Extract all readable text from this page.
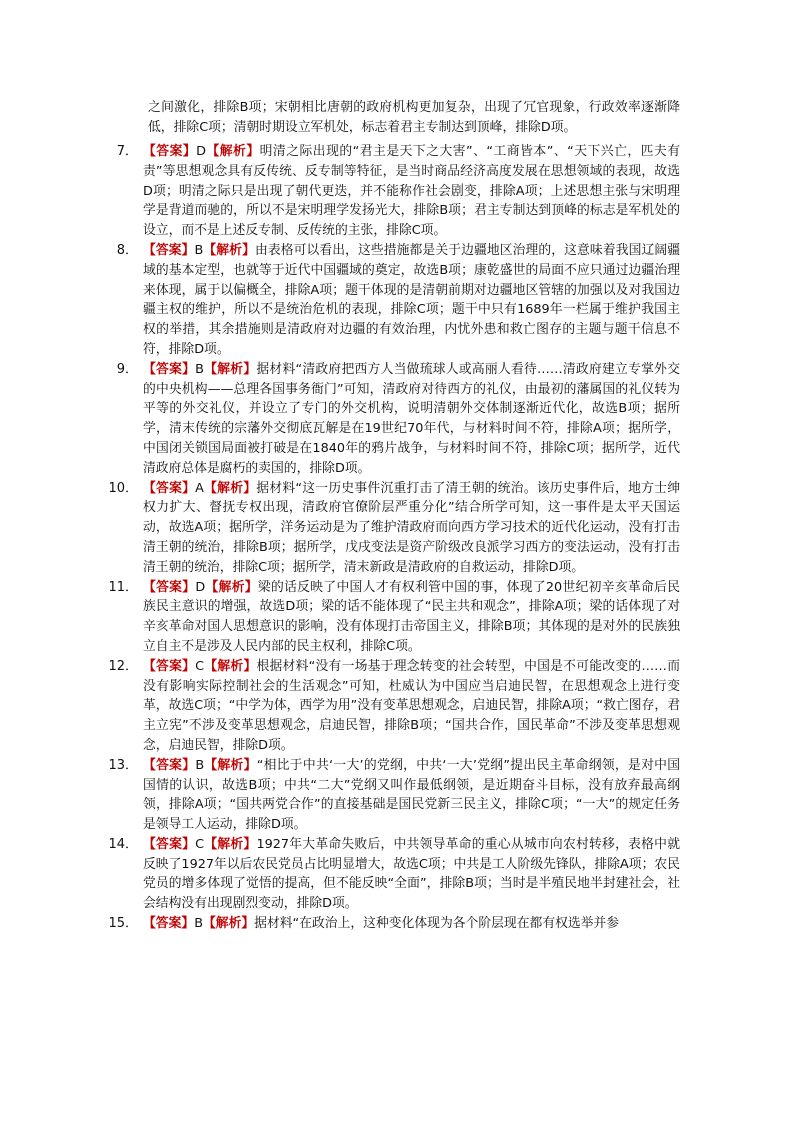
之间激化，排除B项；宋朝相比唐朝的政府机构更加复杂，出现了冗官现象，行政效率逐渐降低，排除C项；清朝时期设立军机处，标志着君主专制达到顶峰，排除D项。

7． 【答案】D【解析】明清之际出现的“君主是天下之大害”、“工商皆本”、“天下兴亡，匹夫有责”等思想观念具有反传统、反专制等特征，是当时商品经济高度发展在思想领域的表现，故选D项；明清之际只是出现了朝代更迭，并不能称作社会剧变，排除A项；上述思想主张与宋明理学是背道而驰的，所以不是宋明理学发扬光大，排除B项；君主专制达到顶峰的标志是军机处的设立，而不是上述反专制、反传统的主张，排除C项。
8． 【答案】B【解析】由表格可以看出，这些措施都是关于边疆地区治理的，这意味着我国辽阔疆域的基本定型，也就等于近代中国疆域的奠定，故选B项；康乾盛世的局面不应只通过边疆治理来体现，属于以偏概全，排除A项；题干体现的是清朝前期对边疆地区管辖的加强以及对我国边疆主权的维护，所以不是统治危机的表现，排除C项；题干中只有1689年一栏属于维护我国主权的举措，其余措施则是清政府对边疆的有效治理，内忧外患和救亡图存的主题与题干信息不符，排除D项。
9． 【答案】B【解析】据材料“清政府把西方人当做琉球人或高丽人看待……清政府建立专掌外交的中央机构——总理各国事务衙门”可知，清政府对待西方的礼仪，由最初的藩属国的礼仪转为平等的外交礼仪，并设立了专门的外交机构，说明清朝外交体制逐渐近代化，故选B项；据所学，清末传统的宗藩外交彻底瓦解是在19世纪70年代，与材料时间不符，排除A项；据所学，中国闭关锁国局面被打破是在1840年的鸦片战争，与材料时间不符，排除C项；据所学，近代清政府总体是腐朽的卖国的，排除D项。
10． 【答案】A【解析】据材料“这一历史事件沉重打击了清王朝的统治。该历史事件后，地方士绅权力扩大、督抚专权出现，清政府官僚阶层严重分化”结合所学可知，这一事件是太平天国运动，故选A项；据所学，洋务运动是为了维护清政府而向西方学习技术的近代化运动，没有打击清王朝的统治，排除B项；据所学，戊戌变法是资产阶级改良派学习西方的变法运动，没有打击清王朝的统治，排除C项；据所学，清末新政是清政府的自救运动，排除D项。
11． 【答案】D【解析】梁的话反映了中国人才有权利管中国的事，体现了20世纪初辛亥革命后民族民主意识的增强，故选D项；梁的话不能体现了“民主共和观念”，排除A项；梁的话体现了对辛亥革命对国人思想意识的影响，没有体现打击帝国主义，排除B项；其体现的是对外的民族独立自主不是涉及人民内部的民主权利，排除C项。
12． 【答案】C【解析】根据材料“没有一场基于理念转变的社会转型，中国是不可能改变的……而没有影响实际控制社会的生活观念”可知，杜威认为中国应当启迪民智，在思想观念上进行变革，故选C项；“中学为体，西学为用”没有变革思想观念，启迪民智，排除A项；“救亡图存，君主立宪”不涉及变革思想观念，启迪民智，排除B项；“国共合作，国民革命”不涉及变革思想观念，启迪民智，排除D项。
13． 【答案】B【解析】“相比于中共‘一大’的党纲，中共‘一大’党纲”提出民主革命纲领，是对中国国情的认识，故选B项；中共“二大”党纲又叫作最低纲领，是近期奋斗目标，没有放弃最高纲领，排除A项；“国共两党合作”的直接基础是国民党新三民主义，排除C项；“一大”的规定任务是领导工人运动，排除D项。
14． 【答案】C【解析】1927年大革命失败后，中共领导革命的重心从城市向农村转移，表格中就反映了1927年以后农民党员占比明显增大，故选C项；中共是工人阶级先锋队，排除A项；农民党员的增多体现了觉悟的提高，但不能反映“全面”，排除B项；当时是半殖民地半封建社会，社会结构没有出现剧烈变动，排除D项。
15． 【答案】B【解析】据材料“在政治上，这种变化体现为各个阶层现在都有权选举并参
